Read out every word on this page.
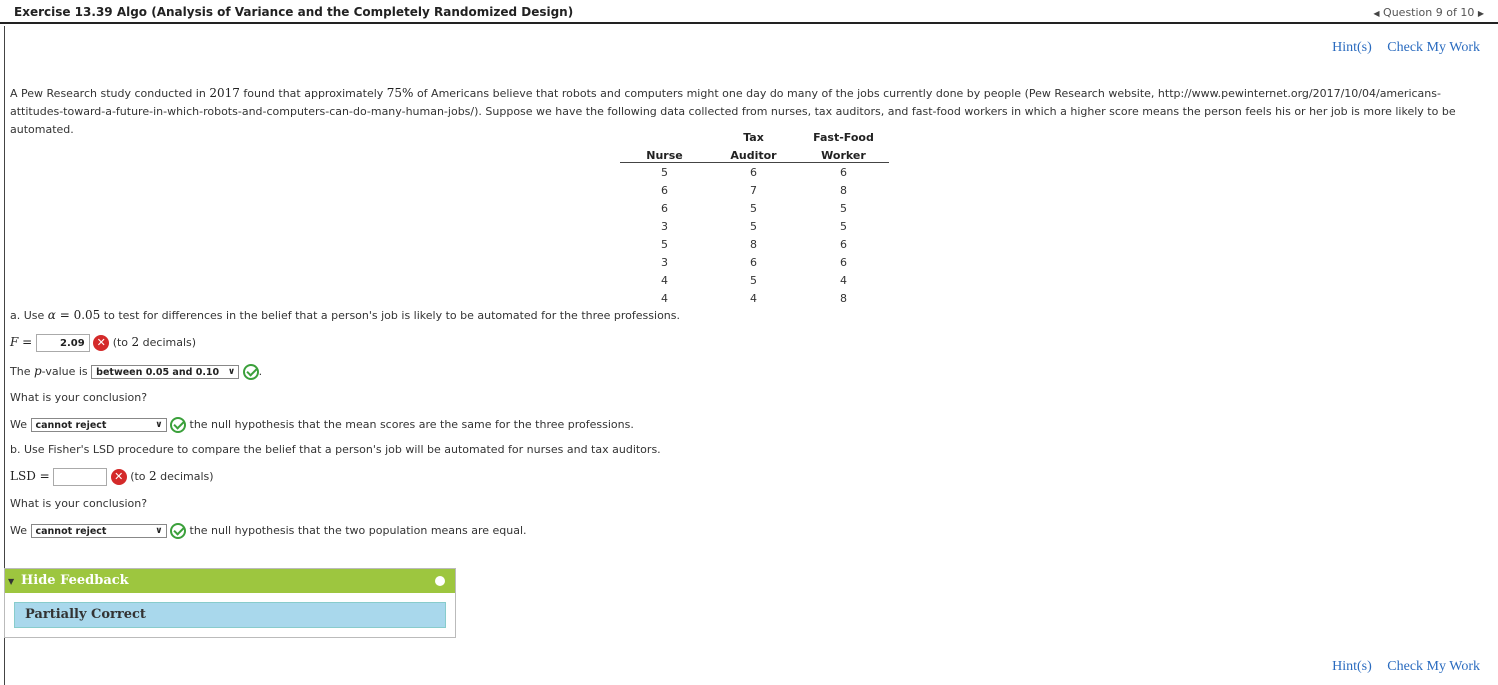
Exercise 13.39 Algo (Analysis of Variance and the Completely Randomized Design)	◀ Question 9 of 10 ▶
Hint(s) Check My Work
A Pew Research study conducted in 2017 found that approximately 75% of Americans believe that robots and computers might one day do many of the jobs currently done by people (Pew Research website, http://www.pewinternet.org/2017/10/04/americans-attitudes-toward-a-future-in-which-robots-and-computers-can-do-many-human-jobs/). Suppose we have the following data collected from nurses, tax auditors, and fast-food workers in which a higher score means the person feels his or her job is more likely to be automated.
	Tax	Fast-Food
Nurse	Auditor	Worker
5	6	6
6	7	8
6	5	5
3	5	5
5	8	6
3	6	6
4	5	4
4	4	8
a. Use α = 0.05 to test for differences in the belief that a person's job is likely to be automated for the three professions.
F =	2.09 ✕ (to 2 decimals)
The p-value is between 0.05 and 0.10 ∨ .
What is your conclusion?
We cannot reject	∨ the null hypothesis that the mean scores are the same for the three professions.
b. Use Fisher's LSD procedure to compare the belief that a person's job will be automated for nurses and tax auditors.
LSD =	✕ (to 2 decimals)
What is your conclusion?
We cannot reject	∨ the null hypothesis that the two population means are equal.
▼ Hide Feedback
Partially Correct
Hint(s) Check My Work
